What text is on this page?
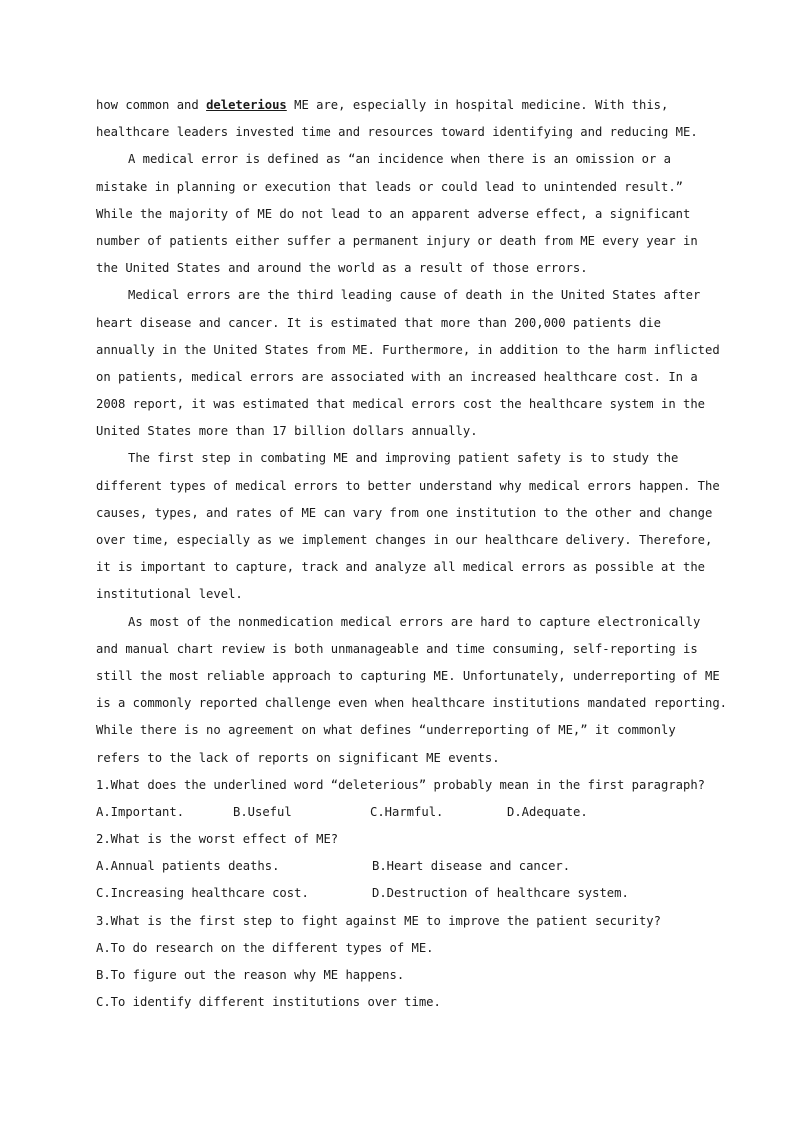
how common and deleterious ME are, especially in hospital medicine. With this,
healthcare leaders invested time and resources toward identifying and reducing ME.
A medical error is defined as “an incidence when there is an omission or a
mistake in planning or execution that leads or could lead to unintended result.”
While the majority of ME do not lead to an apparent adverse effect, a significant
number of patients either suffer a permanent injury or death from ME every year in
the United States and around the world as a result of those errors.
Medical errors are the third leading cause of death in the United States after
heart disease and cancer. It is estimated that more than 200,000 patients die
annually in the United States from ME. Furthermore, in addition to the harm inflicted
on patients, medical errors are associated with an increased healthcare cost. In a
2008 report, it was estimated that medical errors cost the healthcare system in the
United States more than 17 billion dollars annually.
The first step in combating ME and improving patient safety is to study the
different types of medical errors to better understand why medical errors happen. The
causes, types, and rates of ME can vary from one institution to the other and change
over time, especially as we implement changes in our healthcare delivery. Therefore,
it is important to capture, track and analyze all medical errors as possible at the
institutional level.
As most of the nonmedication medical errors are hard to capture electronically
and manual chart review is both unmanageable and time consuming, self-reporting is
still the most reliable approach to capturing ME. Unfortunately, underreporting of ME
is a commonly reported challenge even when healthcare institutions mandated reporting.
While there is no agreement on what defines “underreporting of ME,” it commonly
refers to the lack of reports on significant ME events.
1.What does the underlined word “deleterious” probably mean in the first paragraph?
A.Important.	B.Useful	C.Harmful.	D.Adequate.
2.What is the worst effect of ME?
A.Annual patients deaths.	B.Heart disease and cancer.
C.Increasing healthcare cost.	D.Destruction of healthcare system.
3.What is the first step to fight against ME to improve the patient security?
A.To do research on the different types of ME.
B.To figure out the reason why ME happens.
C.To identify different institutions over time.
